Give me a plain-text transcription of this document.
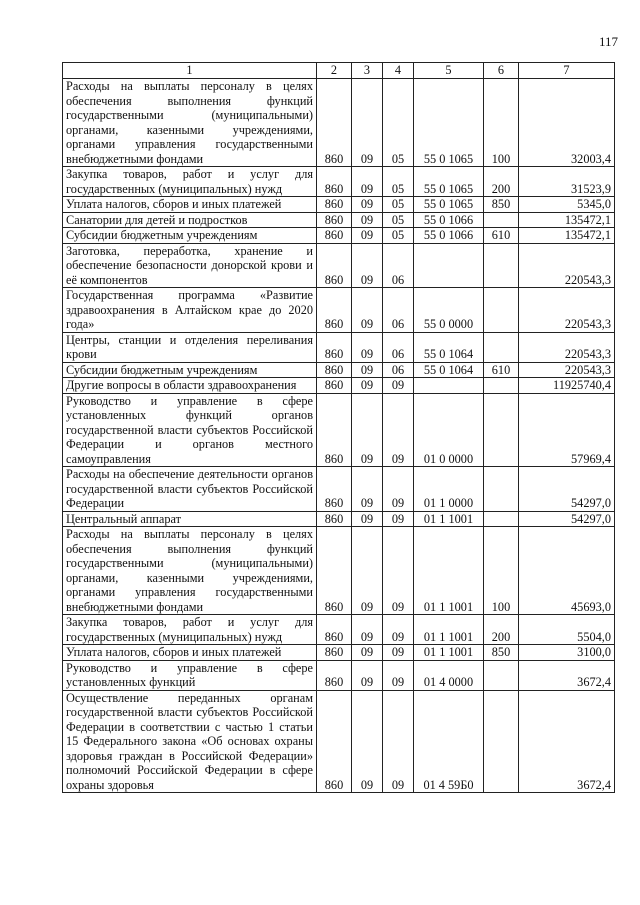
117
1	2	3	4	5	6	7
Расходы на выплаты персоналу в целях обеспечения выполнения функций государственными (муниципальными) органами, казенными учреждениями, органами управления государственными внебюджетными фондами	860	09	05	55 0 1065	100	32003,4
Закупка товаров, работ и услуг для государственных (муниципальных) нужд	860	09	05	55 0 1065	200	31523,9
Уплата налогов, сборов и иных платежей	860	09	05	55 0 1065	850	5345,0
Санатории для детей и подростков	860	09	05	55 0 1066		135472,1
Субсидии бюджетным учреждениям	860	09	05	55 0 1066	610	135472,1
Заготовка, переработка, хранение и обеспечение безопасности донорской крови и её компонентов	860	09	06			220543,3
Государственная программа «Развитие здравоохранения в Алтайском крае до 2020 года»	860	09	06	55 0 0000		220543,3
Центры, станции и отделения переливания крови	860	09	06	55 0 1064		220543,3
Субсидии бюджетным учреждениям	860	09	06	55 0 1064	610	220543,3
Другие вопросы в области здравоохранения	860	09	09			11925740,4
Руководство и управление в сфере установленных функций органов государственной власти субъектов Российской Федерации и органов местного самоуправления	860	09	09	01 0 0000		57969,4
Расходы на обеспечение деятельности органов государственной власти субъектов Российской Федерации	860	09	09	01 1 0000		54297,0
Центральный аппарат	860	09	09	01 1 1001		54297,0
Расходы на выплаты персоналу в целях обеспечения выполнения функций государственными (муниципальными) органами, казенными учреждениями, органами управления государственными внебюджетными фондами	860	09	09	01 1 1001	100	45693,0
Закупка товаров, работ и услуг для государственных (муниципальных) нужд	860	09	09	01 1 1001	200	5504,0
Уплата налогов, сборов и иных платежей	860	09	09	01 1 1001	850	3100,0
Руководство и управление в сфере установленных функций	860	09	09	01 4 0000		3672,4
Осуществление переданных органам государственной власти субъектов Российской Федерации в соответствии с частью 1 статьи 15 Федерального закона «Об основах охраны здоровья граждан в Российской Федерации» полномочий Российской Федерации в сфере охраны здоровья	860	09	09	01 4 59Б0		3672,4
